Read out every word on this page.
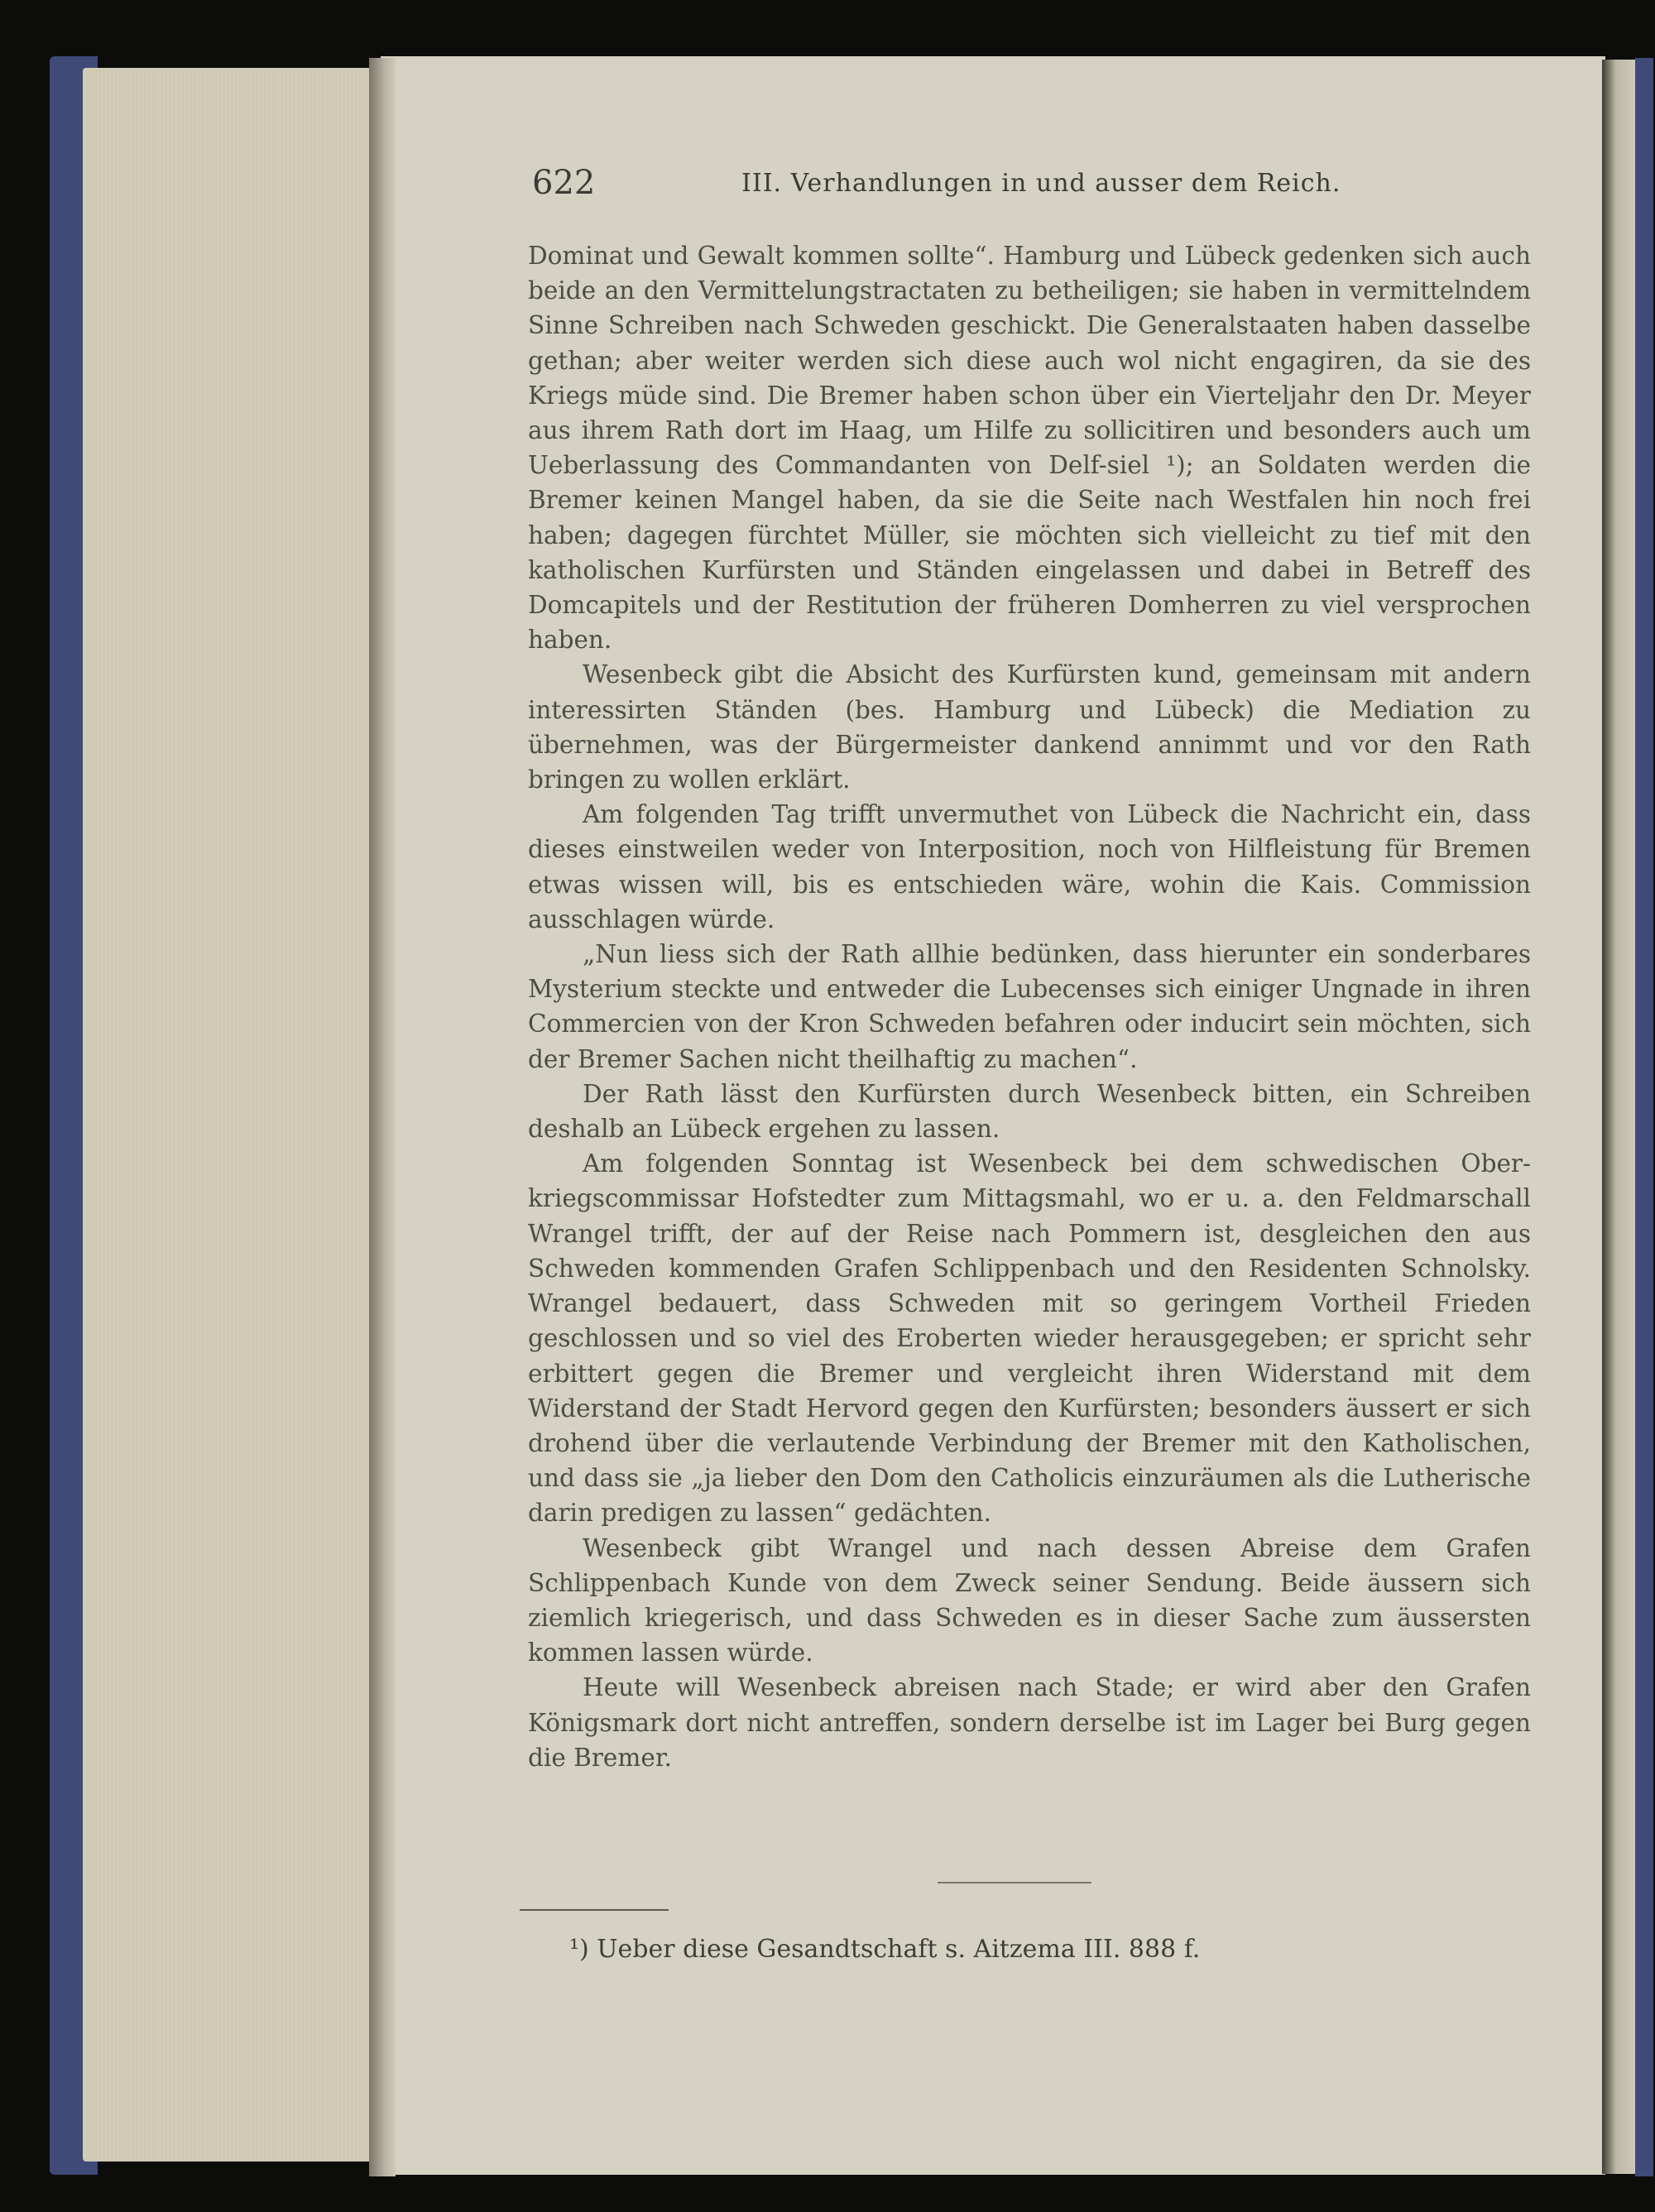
622	III. Verhandlungen in und ausser dem Reich.

Dominat und Gewalt kommen sollte“. Hamburg und Lübeck gedenken sich auch beide an den Vermittelungstractaten zu betheiligen; sie haben in vermittelndem Sinne Schreiben nach Schweden geschickt. Die Generalstaaten haben dasselbe gethan; aber weiter werden sich diese auch wol nicht engagiren, da sie des Kriegs müde sind. Die Bremer haben schon über ein Vierteljahr den Dr. Meyer aus ihrem Rath dort im Haag, um Hilfe zu sollicitiren und besonders auch um Ueberlassung des Commandanten von Delf-siel ¹); an Soldaten werden die Bremer keinen Mangel haben, da sie die Seite nach Westfalen hin noch frei haben; dagegen fürchtet Müller, sie möchten sich vielleicht zu tief mit den katholischen Kurfürsten und Ständen eingelassen und dabei in Betreff des Domcapitels und der Restitution der früheren Domherren zu viel versprochen haben.

Wesenbeck gibt die Absicht des Kurfürsten kund, gemeinsam mit andern interessirten Ständen (bes. Hamburg und Lübeck) die Mediation zu übernehmen, was der Bürgermeister dankend annimmt und vor den Rath bringen zu wollen erklärt.

Am folgenden Tag trifft unvermuthet von Lübeck die Nachricht ein, dass dieses einstweilen weder von Interposition, noch von Hilfleistung für Bremen etwas wissen will, bis es entschieden wäre, wohin die Kais. Commission ausschlagen würde.

„Nun liess sich der Rath allhie bedünken, dass hierunter ein sonderbares Mysterium steckte und entweder die Lubecenses sich einiger Ungnade in ihren Commercien von der Kron Schweden befahren oder inducirt sein möchten, sich der Bremer Sachen nicht theilhaftig zu machen“.

Der Rath lässt den Kurfürsten durch Wesenbeck bitten, ein Schreiben deshalb an Lübeck ergehen zu lassen.

Am folgenden Sonntag ist Wesenbeck bei dem schwedischen Oberkriegscommissar Hofstedter zum Mittagsmahl, wo er u. a. den Feldmarschall Wrangel trifft, der auf der Reise nach Pommern ist, desgleichen den aus Schweden kommenden Grafen Schlippenbach und den Residenten Schnolsky. Wrangel bedauert, dass Schweden mit so geringem Vortheil Frieden geschlossen und so viel des Eroberten wieder herausgegeben; er spricht sehr erbittert gegen die Bremer und vergleicht ihren Widerstand mit dem Widerstand der Stadt Hervord gegen den Kurfürsten; besonders äussert er sich drohend über die verlautende Verbindung der Bremer mit den Katholischen, und dass sie „ja lieber den Dom den Catholicis einzuräumen als die Lutherische darin predigen zu lassen“ gedächten.

Wesenbeck gibt Wrangel und nach dessen Abreise dem Grafen Schlippenbach Kunde von dem Zweck seiner Sendung. Beide äussern sich ziemlich kriegerisch, und dass Schweden es in dieser Sache zum äussersten kommen lassen würde.

Heute will Wesenbeck abreisen nach Stade; er wird aber den Grafen Königsmark dort nicht antreffen, sondern derselbe ist im Lager bei Burg gegen die Bremer.

¹) Ueber diese Gesandtschaft s. Aitzema III. 888 f.
